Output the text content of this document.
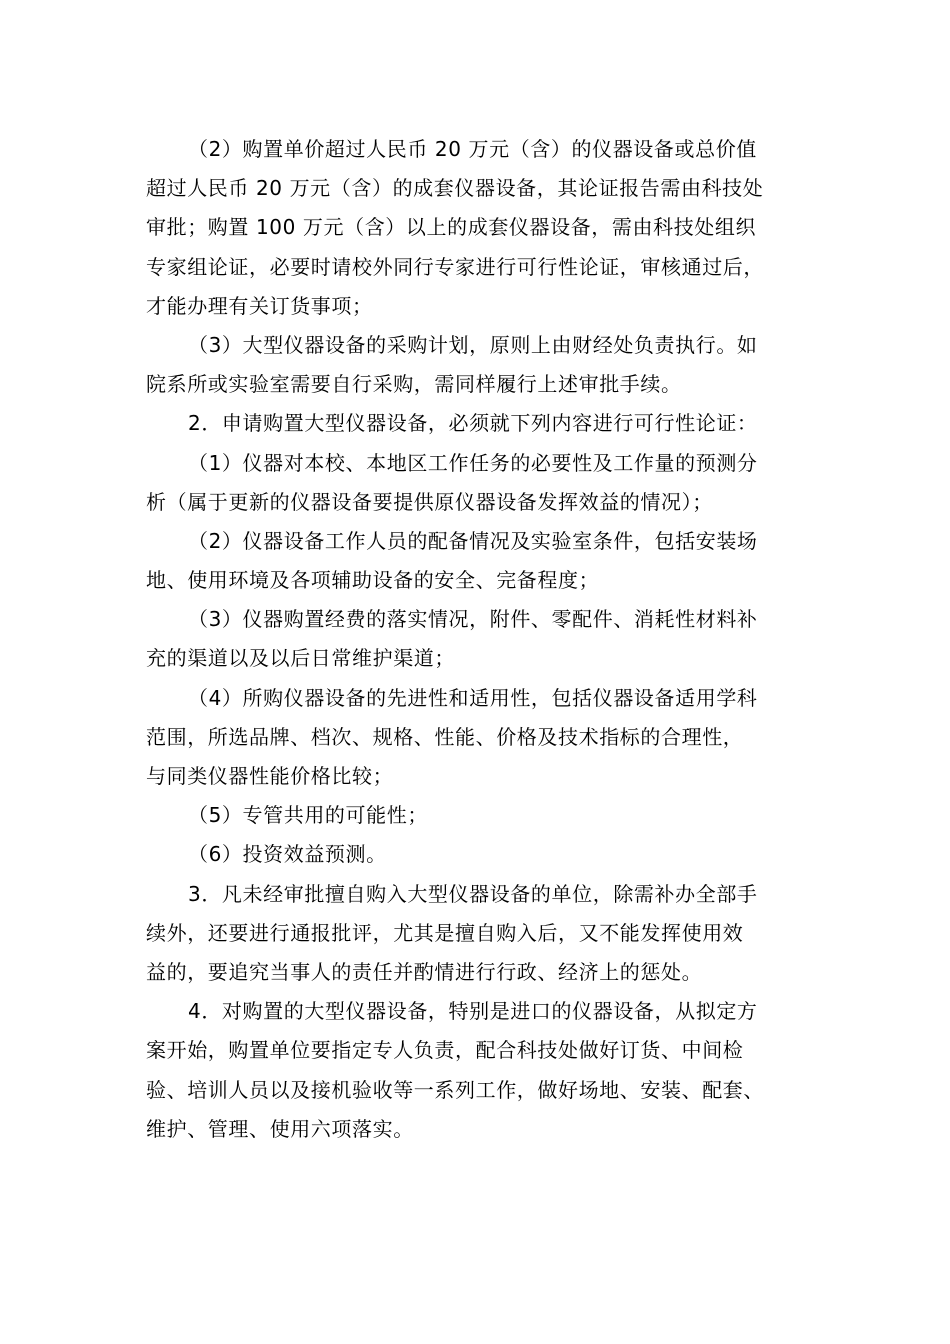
（2）购置单价超过人民币 20 万元（含）的仪器设备或总价值
超过人民币 20 万元（含）的成套仪器设备，其论证报告需由科技处
审批；购置 100 万元（含）以上的成套仪器设备，需由科技处组织
专家组论证，必要时请校外同行专家进行可行性论证，审核通过后，
才能办理有关订货事项；
（3）大型仪器设备的采购计划，原则上由财经处负责执行。如
院系所或实验室需要自行采购，需同样履行上述审批手续。
2．申请购置大型仪器设备，必须就下列内容进行可行性论证：
（1）仪器对本校、本地区工作任务的必要性及工作量的预测分
析（属于更新的仪器设备要提供原仪器设备发挥效益的情况）；
（2）仪器设备工作人员的配备情况及实验室条件，包括安装场
地、使用环境及各项辅助设备的安全、完备程度；
（3）仪器购置经费的落实情况，附件、零配件、消耗性材料补
充的渠道以及以后日常维护渠道；
（4）所购仪器设备的先进性和适用性，包括仪器设备适用学科
范围，所选品牌、档次、规格、性能、价格及技术指标的合理性，
与同类仪器性能价格比较；
（5）专管共用的可能性；
（6）投资效益预测。
3．凡未经审批擅自购入大型仪器设备的单位，除需补办全部手
续外，还要进行通报批评，尤其是擅自购入后，又不能发挥使用效
益的，要追究当事人的责任并酌情进行行政、经济上的惩处。
4．对购置的大型仪器设备，特别是进口的仪器设备，从拟定方
案开始，购置单位要指定专人负责，配合科技处做好订货、中间检
验、培训人员以及接机验收等一系列工作，做好场地、安装、配套、
维护、管理、使用六项落实。
